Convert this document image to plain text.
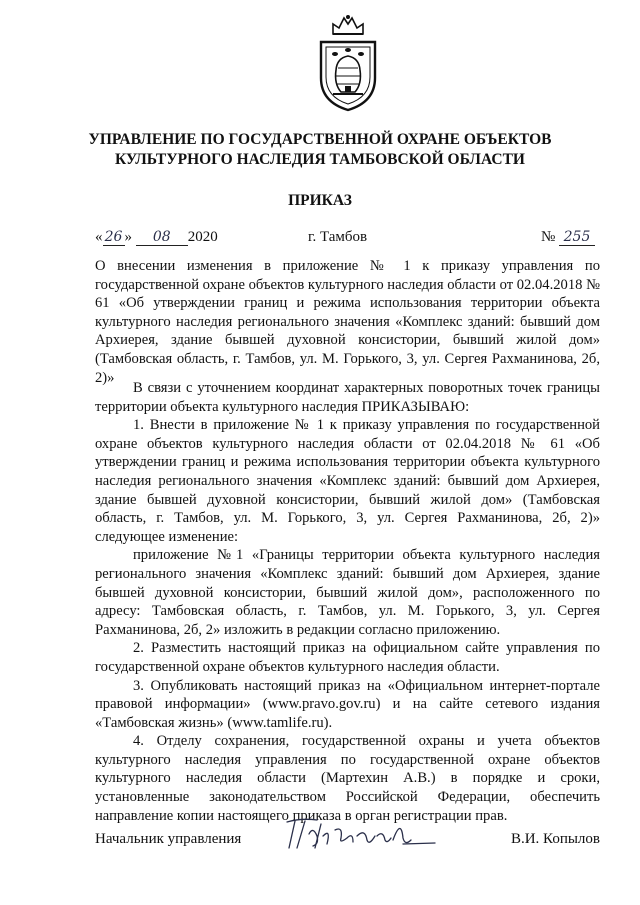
УПРАВЛЕНИЕ ПО ГОСУДАРСТВЕННОЙ ОХРАНЕ ОБЪЕКТОВ
КУЛЬТУРНОГО НАСЛЕДИЯ ТАМБОВСКОЙ ОБЛАСТИ
ПРИКАЗ
« 26 » 08 2020	г. Тамбов	№ 255
О внесении изменения в приложение № 1 к приказу управления по государственной охране объектов культурного наследия области от 02.04.2018 № 61 «Об утверждении границ и режима использования территории объекта культурного наследия регионального значения «Комплекс зданий: бывший дом Архиерея, здание бывшей духовной консистории, бывший жилой дом» (Тамбовская область, г. Тамбов, ул. М. Горького, 3, ул. Сергея Рахманинова, 2б, 2)»

В связи с уточнением координат характерных поворотных точек границы территории объекта культурного наследия ПРИКАЗЫВАЮ:

1. Внести в приложение № 1 к приказу управления по государственной охране объектов культурного наследия области от 02.04.2018 № 61 «Об утверждении границ и режима использования территории объекта культурного наследия регионального значения «Комплекс зданий: бывший дом Архиерея, здание бывшей духовной консистории, бывший жилой дом» (Тамбовская область, г. Тамбов, ул. М. Горького, 3, ул. Сергея Рахманинова, 2б, 2)» следующее изменение:

приложение №1 «Границы территории объекта культурного наследия регионального значения «Комплекс зданий: бывший дом Архиерея, здание бывшей духовной консистории, бывший жилой дом», расположенного по адресу: Тамбовская область, г. Тамбов, ул. М. Горького, 3, ул. Сергея Рахманинова, 2б, 2» изложить в редакции согласно приложению.

2. Разместить настоящий приказ на официальном сайте управления по государственной охране объектов культурного наследия области.

3. Опубликовать настоящий приказ на «Официальном интернет-портале правовой информации» (www.pravo.gov.ru) и на сайте сетевого издания «Тамбовская жизнь» (www.tamlife.ru).

4. Отделу сохранения, государственной охраны и учета объектов культурного наследия управления по государственной охране объектов культурного наследия области (Мартехин А.В.) в порядке и сроки, установленные законодательством Российской Федерации, обеспечить направление копии настоящего приказа в орган регистрации прав.

Начальник управления	В.И. Копылов
